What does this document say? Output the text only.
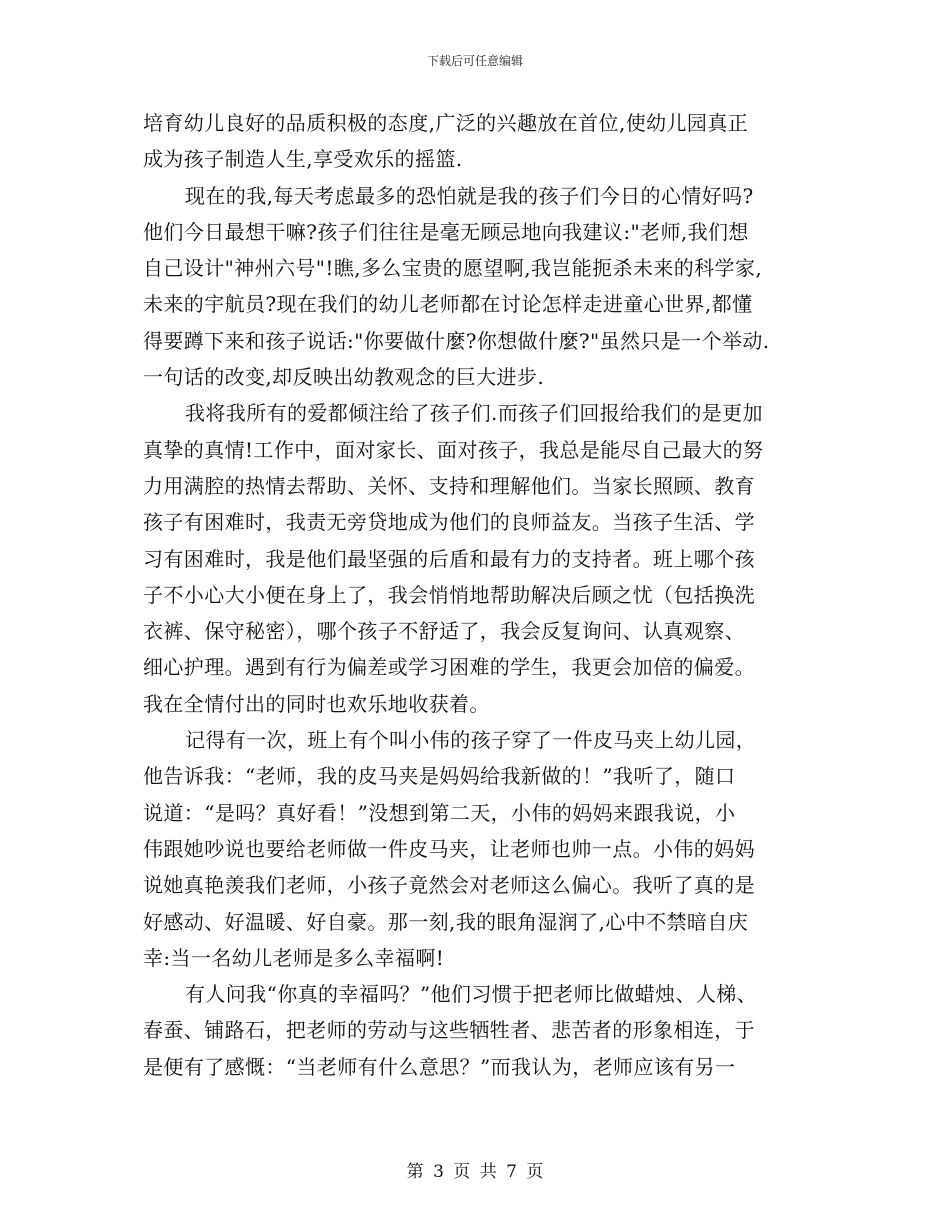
下载后可任意编辑
培育幼儿良好的品质积极的态度,广泛的兴趣放在首位,使幼儿园真正
成为孩子制造人生,享受欢乐的摇篮.
现在的我,每天考虑最多的恐怕就是我的孩子们今日的心情好吗?
他们今日最想干嘛?孩子们往往是毫无顾忌地向我建议:"老师,我们想
自己设计"神州六号"!瞧,多么宝贵的愿望啊,我岂能扼杀未来的科学家,
未来的宇航员?现在我们的幼儿老师都在讨论怎样走进童心世界,都懂
得要蹲下来和孩子说话:"你要做什麼?你想做什麼?"虽然只是一个举动.
一句话的改变,却反映出幼教观念的巨大进步.
我将我所有的爱都倾注给了孩子们.而孩子们回报给我们的是更加
真挚的真情!工作中，面对家长、面对孩子，我总是能尽自己最大的努
力用满腔的热情去帮助、关怀、支持和理解他们。当家长照顾、教育
孩子有困难时，我责无旁贷地成为他们的良师益友。当孩子生活、学
习有困难时，我是他们最坚强的后盾和最有力的支持者。班上哪个孩
子不小心大小便在身上了，我会悄悄地帮助解决后顾之忧（包括换洗
衣裤、保守秘密），哪个孩子不舒适了，我会反复询问、认真观察、
细心护理。遇到有行为偏差或学习困难的学生，我更会加倍的偏爱。
我在全情付出的同时也欢乐地收获着。
记得有一次，班上有个叫小伟的孩子穿了一件皮马夹上幼儿园，
他告诉我：“老师，我的皮马夹是妈妈给我新做的！”我听了，随口
说道：“是吗？真好看！”没想到第二天，小伟的妈妈来跟我说，小
伟跟她吵说也要给老师做一件皮马夹，让老师也帅一点。小伟的妈妈
说她真艳羡我们老师，小孩子竟然会对老师这么偏心。我听了真的是
好感动、好温暖、好自豪。那一刻,我的眼角湿润了,心中不禁暗自庆
幸:当一名幼儿老师是多么幸福啊!
有人问我“你真的幸福吗？”他们习惯于把老师比做蜡烛、人梯、
春蚕、铺路石，把老师的劳动与这些牺牲者、悲苦者的形象相连，于
是便有了感慨：“当老师有什么意思？”而我认为，老师应该有另一
第 3 页 共 7 页
